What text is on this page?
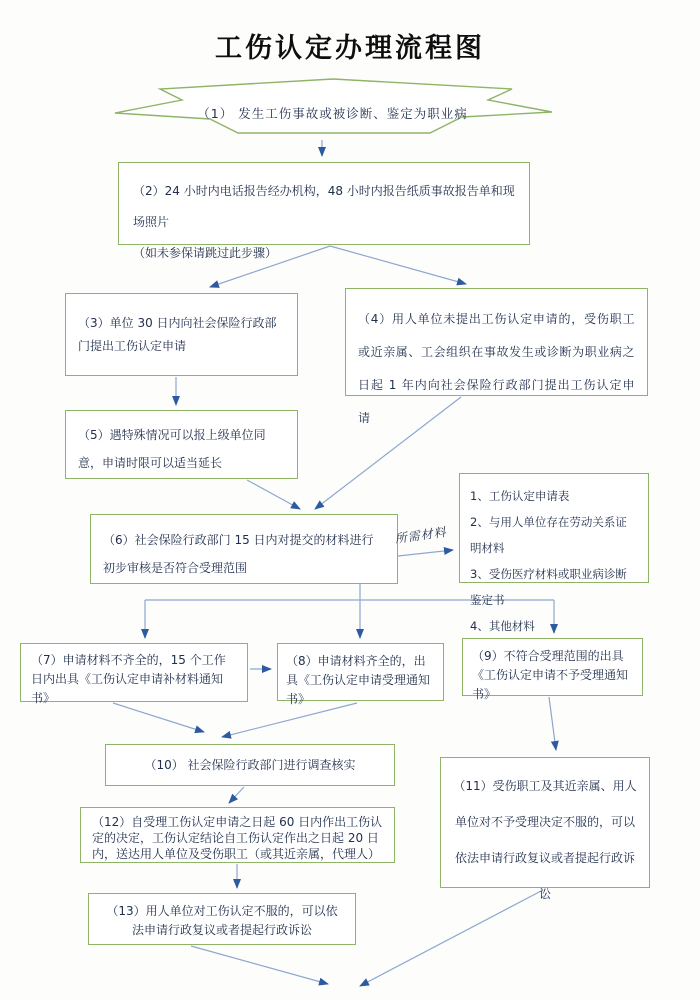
工伤认定办理流程图
（1） 发生工伤事故或被诊断、鉴定为职业病
（2）24 小时内电话报告经办机构，48 小时内报告纸质事故报告单和现场照片
（如未参保请跳过此步骤）
（3）单位 30 日内向社会保险行政部门提出工伤认定申请
（4）用人单位未提出工伤认定申请的，受伤职工或近亲属、工会组织在事故发生或诊断为职业病之日起 1 年内向社会保险行政部门提出工伤认定申请
（5）遇特殊情况可以报上级单位同意，申请时限可以适当延长
（6）社会保险行政部门 15 日内对提交的材料进行初步审核是否符合受理范围
1、工伤认定申请表
2、与用人单位存在劳动关系证明材料
3、受伤医疗材料或职业病诊断鉴定书
4、其他材料
所需材料
（7）申请材料不齐全的，15 个工作日内出具《工伤认定申请补材料通知书》
（8）申请材料齐全的，出具《工伤认定申请受理通知书》
（9）不符合受理范围的出具《工伤认定申请不予受理通知书》
（10） 社会保险行政部门进行调查核实
（11）受伤职工及其近亲属、用人单位对不予受理决定不服的，可以依法申请行政复议或者提起行政诉讼
（12）自受理工伤认定申请之日起 60 日内作出工伤认定的决定，工伤认定结论自工伤认定作出之日起 20 日内，送达用人单位及受伤职工（或其近亲属，代理人）
（13）用人单位对工伤认定不服的，可以依法申请行政复议或者提起行政诉讼
